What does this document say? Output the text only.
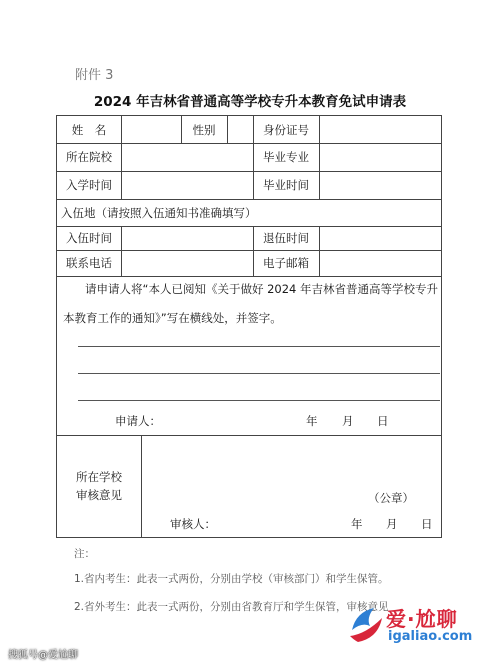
附件 3
2024 年吉林省普通高等学校专升本教育免试申请表
姓　名	性别	身份证号
所在院校	毕业专业
入学时间	毕业时间
入伍地（请按照入伍通知书准确填写）
入伍时间	退伍时间
联系电话	电子邮箱
请申请人将“本人已阅知《关于做好 2024 年吉林省普通高等学校专升
本教育工作的通知》”写在横线处，并签字。
申请人：	年 月 日
所在学校
审核意见	（公章）
审核人：	年 月 日
注：
1.省内考生：此表一式两份，分别由学校（审核部门）和学生保管。
2.省外考生：此表一式两份，分别由省教育厅和学生保管，审核意见
搜狐号@爱尬聊
爱·尬聊
igaliao.com
